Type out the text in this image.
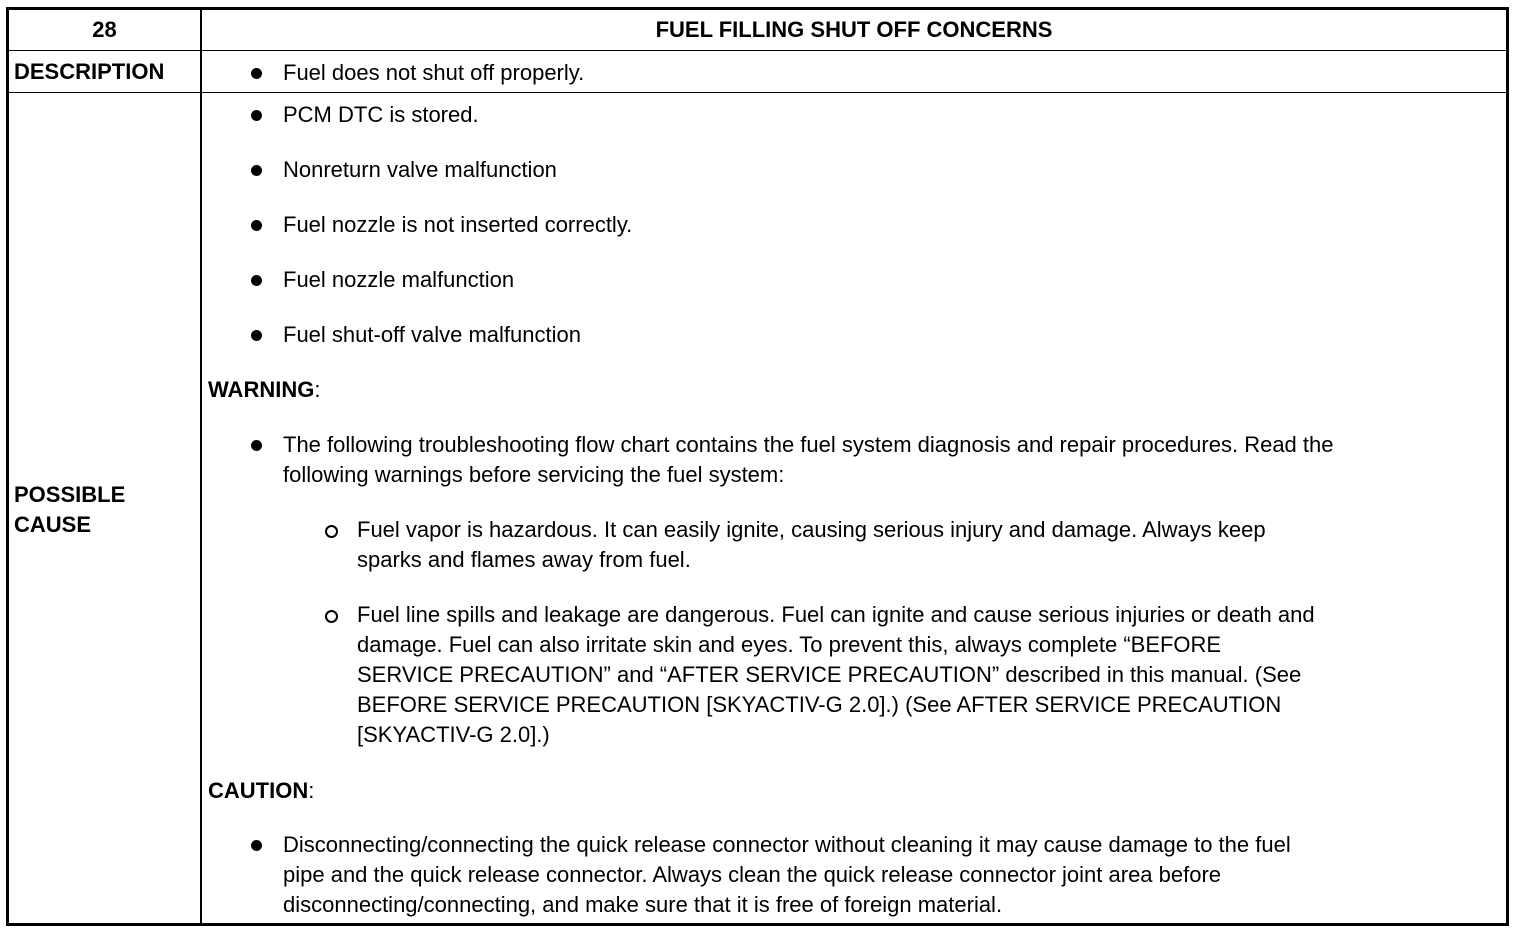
28	FUEL FILLING SHUT OFF CONCERNS
DESCRIPTION
POSSIBLE
CAUSE
Fuel does not shut off properly.
PCM DTC is stored.
Nonreturn valve malfunction
Fuel nozzle is not inserted correctly.
Fuel nozzle malfunction
Fuel shut-off valve malfunction
WARNING:
The following troubleshooting flow chart contains the fuel system diagnosis and repair procedures. Read the
following warnings before servicing the fuel system:
Fuel vapor is hazardous. It can easily ignite, causing serious injury and damage. Always keep
sparks and flames away from fuel.
Fuel line spills and leakage are dangerous. Fuel can ignite and cause serious injuries or death and
damage. Fuel can also irritate skin and eyes. To prevent this, always complete “BEFORE
SERVICE PRECAUTION” and “AFTER SERVICE PRECAUTION” described in this manual. (See
BEFORE SERVICE PRECAUTION [SKYACTIV-G 2.0].) (See AFTER SERVICE PRECAUTION
[SKYACTIV-G 2.0].)
CAUTION:
Disconnecting/connecting the quick release connector without cleaning it may cause damage to the fuel
pipe and the quick release connector. Always clean the quick release connector joint area before
disconnecting/connecting, and make sure that it is free of foreign material.
